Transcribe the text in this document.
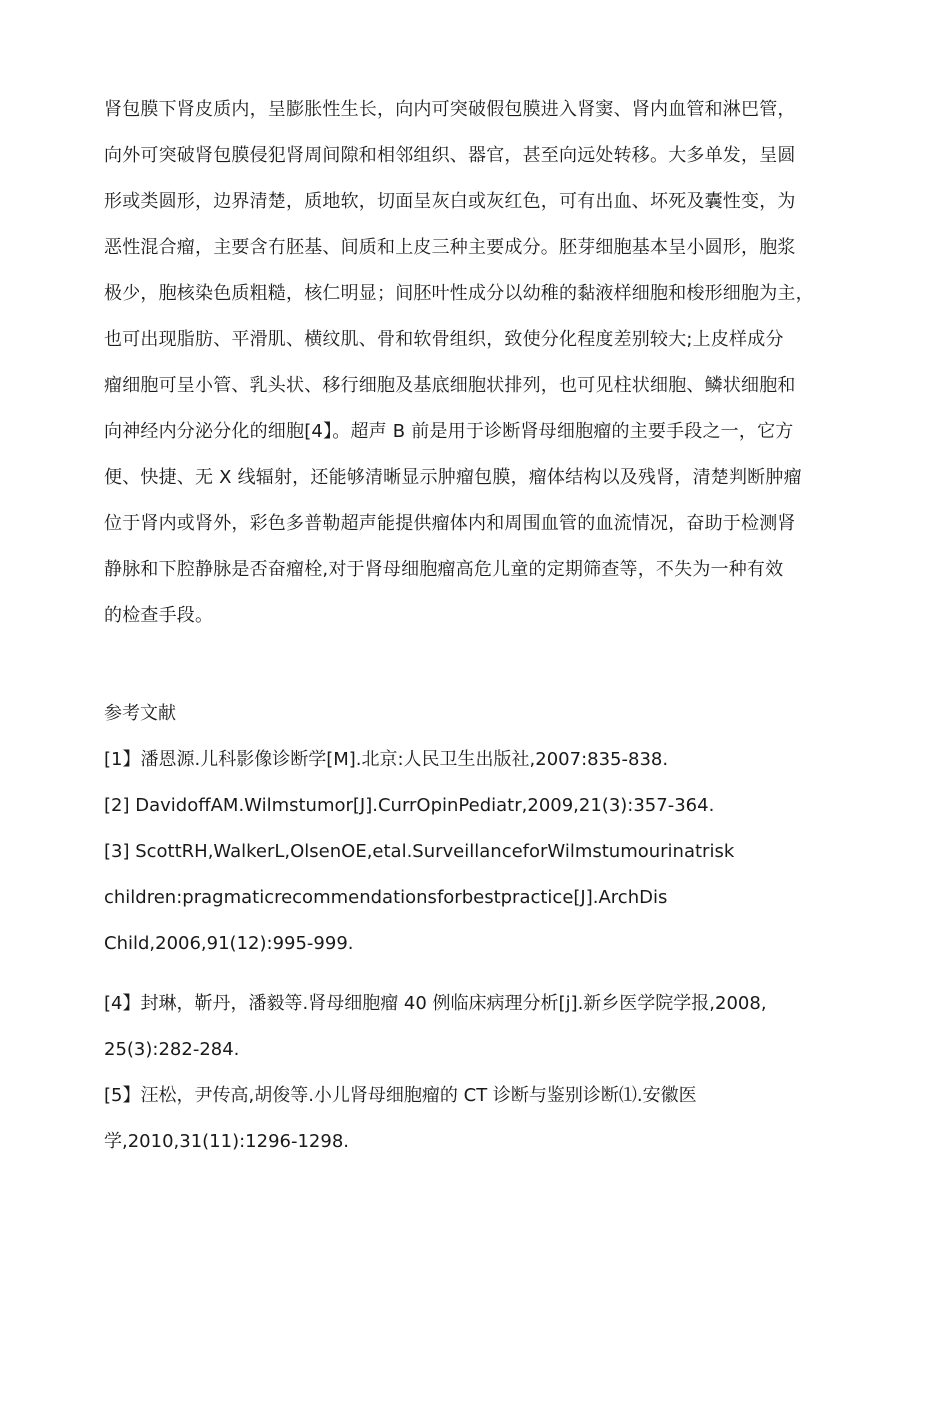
肾包膜下肾皮质内，呈膨胀性生长，向内可突破假包膜进入肾窦、肾内血管和淋巴管，
向外可突破肾包膜侵犯肾周间隙和相邻组织、器官，甚至向远处转移。大多单发，呈圆
形或类圆形，边界清楚，质地软，切面呈灰白或灰红色，可有出血、坏死及囊性变，为
恶性混合瘤，主要含冇胚基、间质和上皮三种主要成分。胚芽细胞基本呈小圆形，胞浆
极少，胞核染色质粗糙，核仁明显；间胚叶性成分以幼稚的黏液样细胞和梭形细胞为主，
也可出现脂肪、平滑肌、横纹肌、骨和软骨组织，致使分化程度差别较大;上皮样成分
瘤细胞可呈小管、乳头状、移行细胞及基底细胞状排列，也可见柱状细胞、鳞状细胞和
向神经内分泌分化的细胞[4】。超声 B 前是用于诊断肾母细胞瘤的主要手段之一，它方
便、快捷、无 X 线辐射，还能够清晰显示肿瘤包膜，瘤体结构以及残肾，清楚判断肿瘤
位于肾内或肾外，彩色多普勒超声能提供瘤体内和周围血管的血流情况，奋助于检测肾
静脉和下腔静脉是否奋瘤栓,对于肾母细胞瘤高危儿童的定期筛查等，不失为一种有效
的检查手段。
参考文献
[1】潘恩源.儿科影像诊断学[M].北京:人民卫生出版社,2007:835-838.
[2] DavidoffAM.Wilmstumor[J].CurrOpinPediatr,2009,21(3):357-364.
[3] ScottRH,WalkerL,OlsenOE,etal.SurveillanceforWilmstumourinatrisk
children:pragmaticrecommendationsforbestpractice[J].ArchDis
Child,2006,91(12):995-999.
[4】封琳，靳丹，潘毅等.肾母细胞瘤 40 例临床病理分析[j].新乡医学院学报,2008,
25(3):282-284.
[5】汪松，尹传高,胡俊等.小儿肾母细胞瘤的 CT 诊断与鉴别诊断⑴.安徽医
学,2010,31(11):1296-1298.
